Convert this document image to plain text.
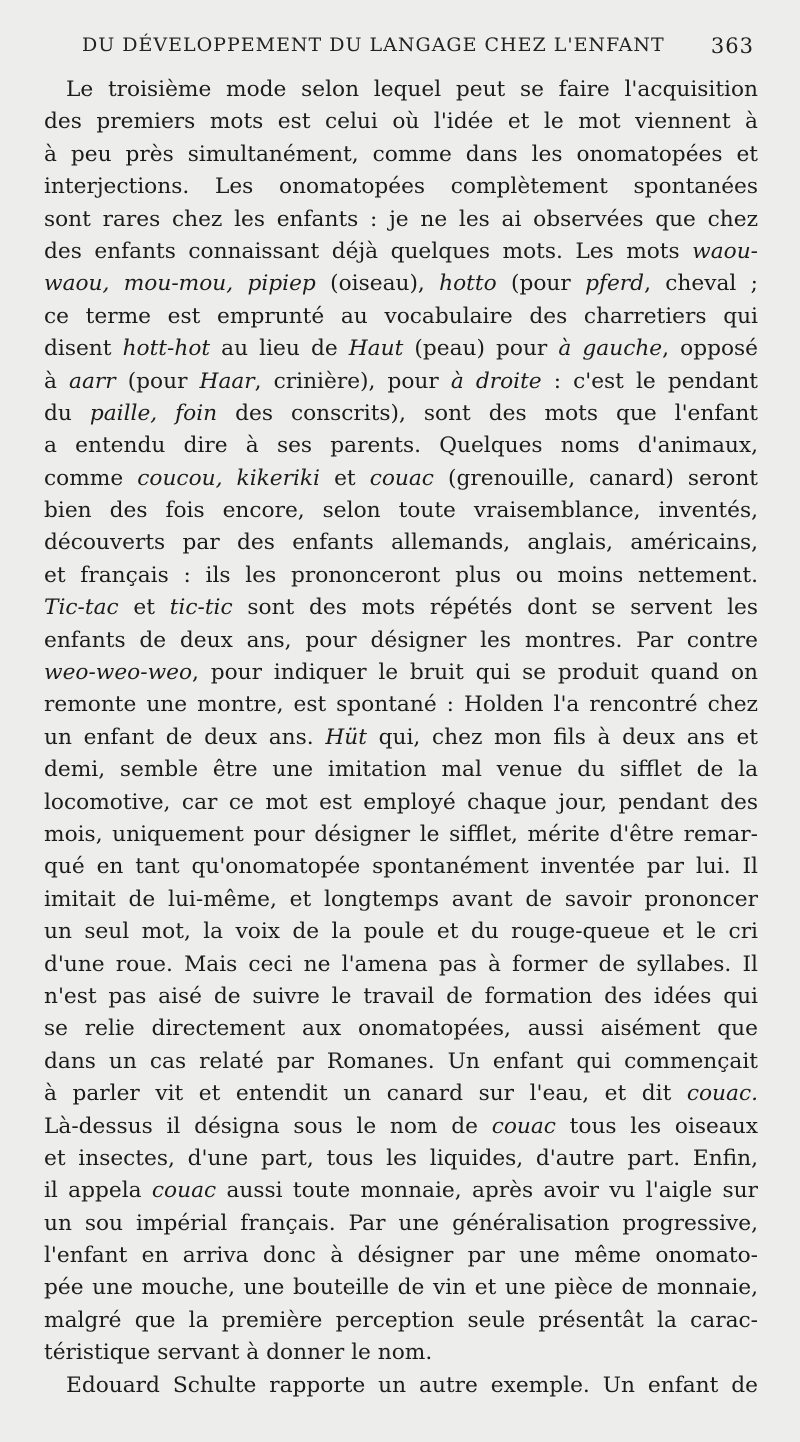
DU DÉVELOPPEMENT DU LANGAGE CHEZ L'ENFANT 363
Le troisième mode selon lequel peut se faire l'acquisition
des premiers mots est celui où l'idée et le mot viennent à
à peu près simultanément, comme dans les onomatopées et
interjections. Les onomatopées complètement spontanées
sont rares chez les enfants : je ne les ai observées que chez
des enfants connaissant déjà quelques mots. Les mots waou-
waou, mou-mou, pipiep (oiseau), hotto (pour pferd, cheval ;
ce terme est emprunté au vocabulaire des charretiers qui
disent hott-hot au lieu de Haut (peau) pour à gauche, opposé
à aarr (pour Haar, crinière), pour à droite : c'est le pendant
du paille, foin des conscrits), sont des mots que l'enfant
a entendu dire à ses parents. Quelques noms d'animaux,
comme coucou, kikeriki et couac (grenouille, canard) seront
bien des fois encore, selon toute vraisemblance, inventés,
découverts par des enfants allemands, anglais, américains,
et français : ils les prononceront plus ou moins nettement.
Tic-tac et tic-tic sont des mots répétés dont se servent les
enfants de deux ans, pour désigner les montres. Par contre
weo-weo-weo, pour indiquer le bruit qui se produit quand on
remonte une montre, est spontané : Holden l'a rencontré chez
un enfant de deux ans. Hüt qui, chez mon fils à deux ans et
demi, semble être une imitation mal venue du sifflet de la
locomotive, car ce mot est employé chaque jour, pendant des
mois, uniquement pour désigner le sifflet, mérite d'être remar-
qué en tant qu'onomatopée spontanément inventée par lui. Il
imitait de lui-même, et longtemps avant de savoir prononcer
un seul mot, la voix de la poule et du rouge-queue et le cri
d'une roue. Mais ceci ne l'amena pas à former de syllabes. Il
n'est pas aisé de suivre le travail de formation des idées qui
se relie directement aux onomatopées, aussi aisément que
dans un cas relaté par Romanes. Un enfant qui commençait
à parler vit et entendit un canard sur l'eau, et dit couac.
Là-dessus il désigna sous le nom de couac tous les oiseaux
et insectes, d'une part, tous les liquides, d'autre part. Enfin,
il appela couac aussi toute monnaie, après avoir vu l'aigle sur
un sou impérial français. Par une généralisation progressive,
l'enfant en arriva donc à désigner par une même onomato-
pée une mouche, une bouteille de vin et une pièce de monnaie,
malgré que la première perception seule présentât la carac-
téristique servant à donner le nom.
Edouard Schulte rapporte un autre exemple. Un enfant de
